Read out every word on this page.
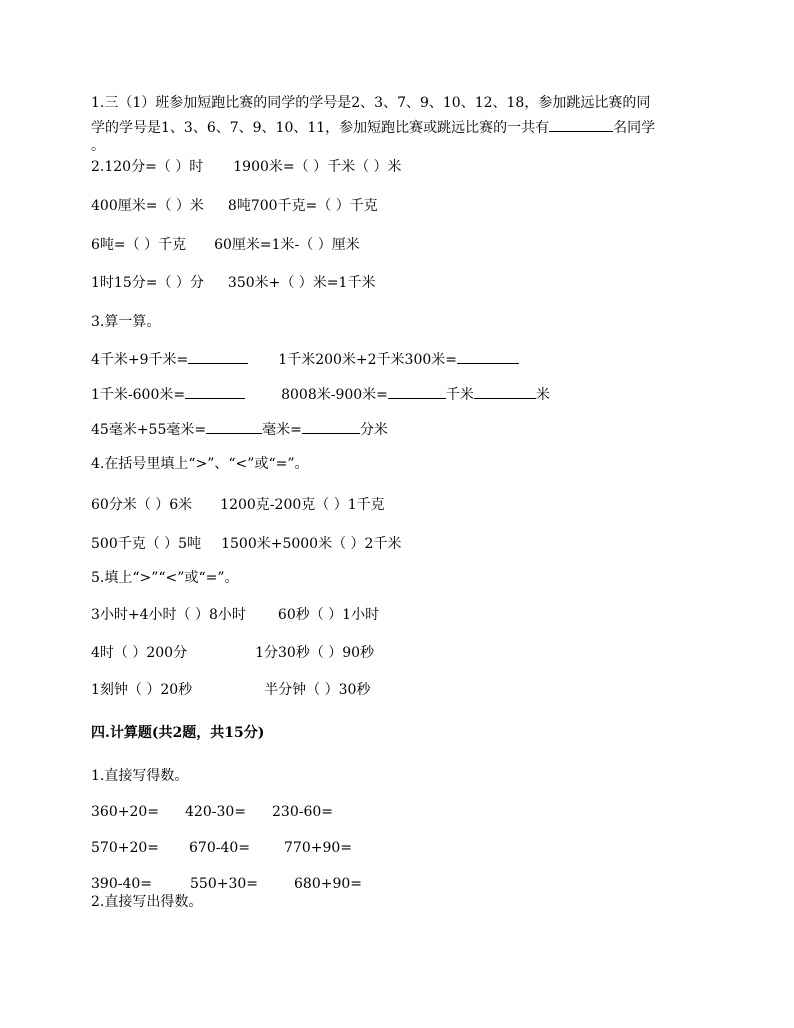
1.三（1）班参加短跑比赛的同学的学号是2、3、7、9、10、12、18，参加跳远比赛的同
学的学号是1、3、6、7、9、10、11，参加短跑比赛或跳远比赛的一共有	名同学
。
2.120分=（ ）时 1900米=（ ）千米（ ）米
400厘米=（ ）米 8吨700千克=（ ）千克
6吨=（ ）千克 60厘米=1米-（ ）厘米
1时15分=（ ）分 350米+（ ）米=1千米
3.算一算。
4千米+9千米=	1千米200米+2千米300米=
1千米-600米=	8008米-900米=	千米	米
45毫米+55毫米=	毫米=	分米
4.在括号里填上“>”、“<”或“=”。
60分米（ ）6米 1200克-200克（ ）1千克
500千克（ ）5吨 1500米+5000米（ ）2千米
5.填上“>”“<”或“=”。
3小时+4小时（ ）8小时 60秒（ ）1小时
4时（ ）200分	1分30秒（ ）90秒
1刻钟（ ）20秒	半分钟（ ）30秒
四.计算题(共2题，共15分)
1.直接写得数。
360+20= 420-30= 230-60=
570+20= 670-40= 770+90=
390-40=	550+30=	680+90=
2.直接写出得数。
